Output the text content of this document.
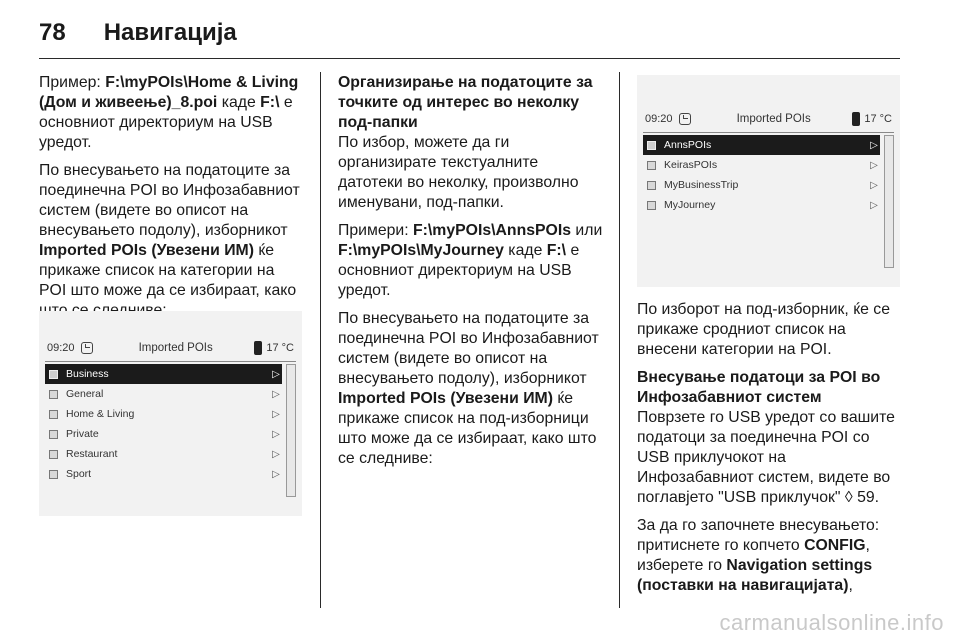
78 Навигација

Пример: F:\myPOIs\Home & Living (Дом и живеење)_8.poi каде F:\ е основниот директориум на USB уредот.

По внесувањето на податоците за поединечна POI во Инфозабавниот систем (видете во описот на внесувањето подолу), изборникот Imported POIs (Увезени ИМ) ќе прикаже список на категории на POI што може да се избираат, како

09:20	Imported POIs	17 °C
Business	▷
General	▷
Home & Living	▷
Private	▷
Restaurant	▷
Sport	▷
Организирање на податоците за точките од интерес во неколку под-папки

По избор, можете да ги организирате текстуалните датотеки во неколку, произволно именувани, под-папки.

Примери: F:\myPOIs\AnnsPOIs или F:\myPOIs\MyJourney каде F:\ е основниот директориум на USB уредот.

По внесувањето на податоците за поединечна POI во Инфозабавниот систем (видете во описот на внесувањето подолу), изборникот Imported POIs (Увезени ИМ) ќе прикаже список на под-изборници што може да се избираат, како што се следниве:

09:20	Imported POIs	17 °C
AnnsPOIs	▷
KeirasPOIs	▷
MyBusinessTrip	▷
MyJourney	▷

По изборот на под-изборник, ќе се прикаже сродниот список на внесени категории на POI.

Внесување податоци за POI во Инфозабавниот систем

Поврзете го USB уредот со вашите податоци за поединечна POI со USB приклучокот на Инфозабавниот систем, видете во поглавјето "USB приклучок" ◊ 59.

За да го започнете внесувањето: притиснете го копчето CONFIG, изберете го Navigation settings (поставки на навигацијата),

carmanualsonline.info
